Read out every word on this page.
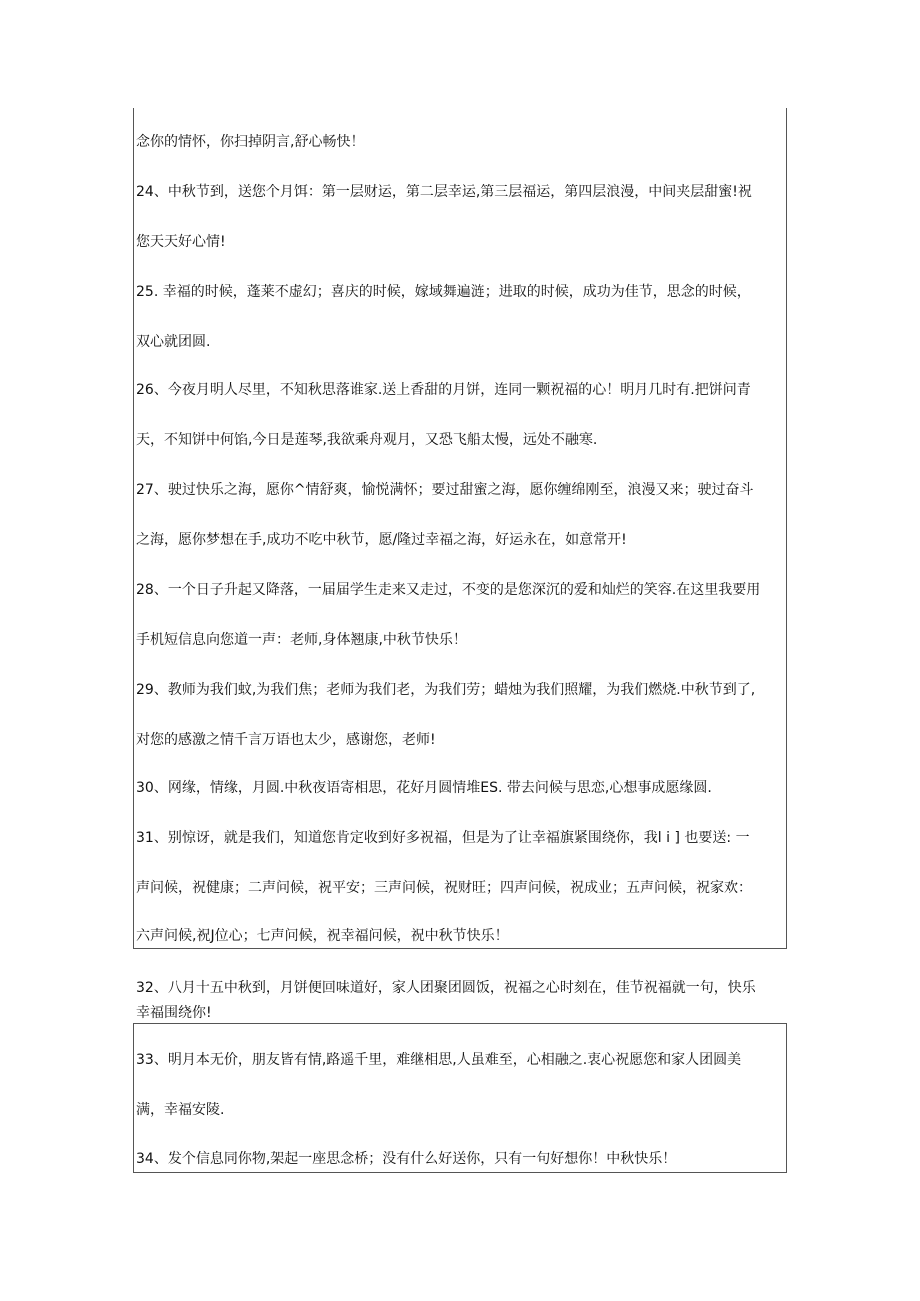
念你的情怀，你扫掉阴言,舒心畅快！
24、中秋节到，送您个月饵：第一层财运，第二层幸运,第三层福运，第四层浪漫，中间夹层甜蜜!祝
您天天好心情!
25. 幸福的时候，蓬莱不虚幻；喜庆的时候，嫁域舞遍涟；进取的时候，成功为佳节，思念的时候，
双心就团圆.
26、今夜月明人尽里，不知秋思落谁家.送上香甜的月饼，连同一颗祝福的心！明月几时有.把饼问青
天，不知饼中何馅,今日是莲琴,我欲乘舟观月，又恐飞船太慢，远处不融寒.
27、驶过快乐之海，愿你^情舒爽，愉悦满怀；要过甜蜜之海，愿你缠绵刚至，浪漫又来；驶过奋斗
之海，愿你梦想在手,成功不吃中秋节，愿/隆过幸福之海，好运永在，如意常开!
28、一个日子升起又降落，一届届学生走来又走过，不变的是您深沉的爱和灿烂的笑容.在这里我要用
手机短信息向您道一声：老师,身体翘康,中秋节快乐！
29、教师为我们蚊,为我们焦；老师为我们老，为我们劳；蜡烛为我们照耀，为我们燃烧.中秋节到了,
对您的感激之情千言万语也太少，感谢您，老师!
30、网缘，情缘，月圆.中秋夜语寄相思，花好月圆情堆ES. 带去问候与思恋,心想事成愿缘圆.
31、别惊讶，就是我们，知道您肯定收到好多祝福，但是为了让幸福旗紧围绕你，我l i ] 也要送: 一
声问候，祝健康；二声问候，祝平安；三声问候，祝财旺；四声问候，祝成业；五声问候，祝家欢：
六声问候,祝J位心；七声问候，祝幸福问候，祝中秋节快乐！
32、八月十五中秋到，月饼便回味道好，家人团聚团圆饭，祝福之心时刻在，佳节祝福就一句，快乐
幸福围绕你!
33、明月本无价，朋友皆有情,路遥千里，难继相思,人虽难至，心相融之.衷心祝愿您和家人团圆美
满，幸福安陵.
34、发个信息同你物,架起一座思念桥；没有什么好送你，只有一句好想你！中秋快乐！
